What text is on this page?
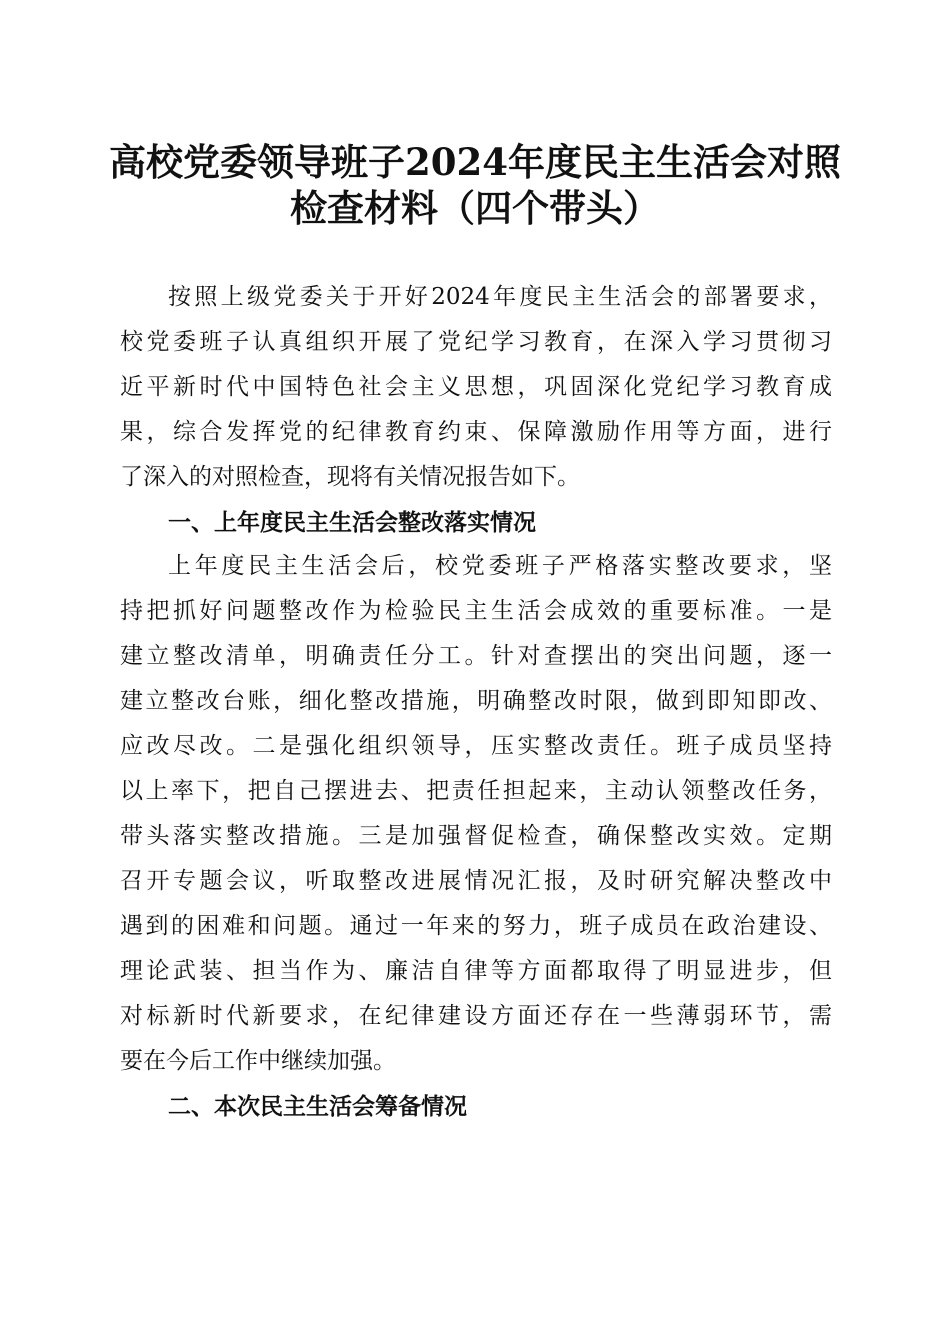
高校党委领导班子2024年度民主生活会对照
检查材料（四个带头）
按照上级党委关于开好2024年度民主生活会的部署要求，
校党委班子认真组织开展了党纪学习教育，在深入学习贯彻习
近平新时代中国特色社会主义思想，巩固深化党纪学习教育成
果，综合发挥党的纪律教育约束、保障激励作用等方面，进行
了深入的对照检查，现将有关情况报告如下。
一、上年度民主生活会整改落实情况
上年度民主生活会后，校党委班子严格落实整改要求，坚
持把抓好问题整改作为检验民主生活会成效的重要标准。一是
建立整改清单，明确责任分工。针对查摆出的突出问题，逐一
建立整改台账，细化整改措施，明确整改时限，做到即知即改、
应改尽改。二是强化组织领导，压实整改责任。班子成员坚持
以上率下，把自己摆进去、把责任担起来，主动认领整改任务，
带头落实整改措施。三是加强督促检查，确保整改实效。定期
召开专题会议，听取整改进展情况汇报，及时研究解决整改中
遇到的困难和问题。通过一年来的努力，班子成员在政治建设、
理论武装、担当作为、廉洁自律等方面都取得了明显进步，但
对标新时代新要求，在纪律建设方面还存在一些薄弱环节，需
要在今后工作中继续加强。
二、本次民主生活会筹备情况
